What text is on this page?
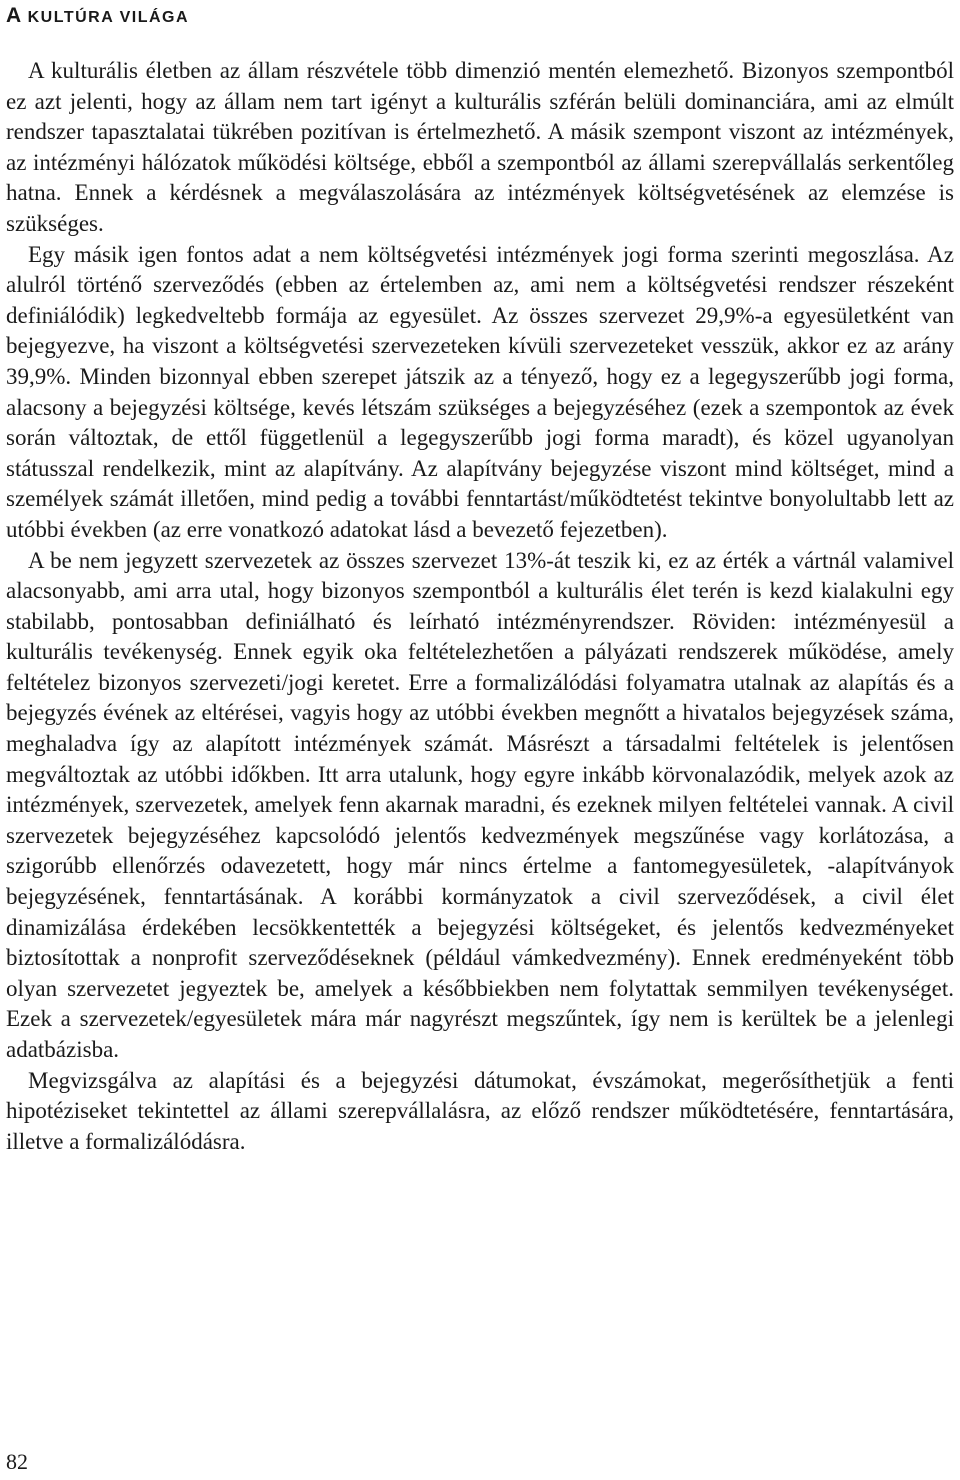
A KULTÚRA VILÁGA

A kulturális életben az állam részvétele több dimenzió mentén elemezhető. Bizonyos szempontból ez azt jelenti, hogy az állam nem tart igényt a kulturális szférán belüli dominanciára, ami az elmúlt rendszer tapasztalatai tükrében pozitívan is értelmezhető. A másik szempont viszont az intézmények, az intézményi hálózatok működési költsége, ebből a szempontból az állami szerepvállalás serkentőleg hatna. Ennek a kérdésnek a megválaszolására az intézmények költségvetésének az elemzése is szükséges.

Egy másik igen fontos adat a nem költségvetési intézmények jogi forma szerinti megoszlása. Az alulról történő szerveződés (ebben az értelemben az, ami nem a költségvetési rendszer részeként definiálódik) legkedveltebb formája az egyesület. Az összes szervezet 29,9%-a egyesületként van bejegyezve, ha viszont a költségvetési szervezeteken kívüli szervezeteket vesszük, akkor ez az arány 39,9%. Minden bizonnyal ebben szerepet játszik az a tényező, hogy ez a legegyszerűbb jogi forma, alacsony a bejegyzési költsége, kevés létszám szükséges a bejegyzéséhez (ezek a szempontok az évek során változtak, de ettől függetlenül a legegyszerűbb jogi forma maradt), és közel ugyanolyan státusszal rendelkezik, mint az alapítvány. Az alapítvány bejegyzése viszont mind költséget, mind a személyek számát illetően, mind pedig a további fenntartást/működtetést tekintve bonyolultabb lett az utóbbi években (az erre vonatkozó adatokat lásd a bevezető fejezetben).

A be nem jegyzett szervezetek az összes szervezet 13%-át teszik ki, ez az érték a vártnál valamivel alacsonyabb, ami arra utal, hogy bizonyos szempontból a kulturális élet terén is kezd kialakulni egy stabilabb, pontosabban definiálható és leírható intézményrendszer. Röviden: intézményesül a kulturális tevékenység. Ennek egyik oka feltételezhetően a pályázati rendszerek működése, amely feltételez bizonyos szervezeti/jogi keretet. Erre a formalizálódási folyamatra utalnak az alapítás és a bejegyzés évének az eltérései, vagyis hogy az utóbbi években megnőtt a hivatalos bejegyzések száma, meghaladva így az alapított intézmények számát. Másrészt a társadalmi feltételek is jelentősen megváltoztak az utóbbi időkben. Itt arra utalunk, hogy egyre inkább körvonalazódik, melyek azok az intézmények, szervezetek, amelyek fenn akarnak maradni, és ezeknek milyen feltételei vannak. A civil szervezetek bejegyzéséhez kapcsolódó jelentős kedvezmények megszűnése vagy korlátozása, a szigorúbb ellenőrzés odavezetett, hogy már nincs értelme a fantomegyesületek, -alapítványok bejegyzésének, fenntartásának. A korábbi kormányzatok a civil szerveződések, a civil élet dinamizálása érdekében lecsökkentették a bejegyzési költségeket, és jelentős kedvezményeket biztosítottak a nonprofit szerveződéseknek (például vámkedvezmény). Ennek eredményeként több olyan szervezetet jegyeztek be, amelyek a későbbiekben nem folytattak semmilyen tevékenységet. Ezek a szervezetek/egyesületek mára már nagyrészt megszűntek, így nem is kerültek be a jelenlegi adatbázisba.

Megvizsgálva az alapítási és a bejegyzési dátumokat, évszámokat, megerősíthetjük a fenti hipotéziseket tekintettel az állami szerepvállalásra, az előző rendszer működtetésére, fenntartására, illetve a formalizálódásra.

82
